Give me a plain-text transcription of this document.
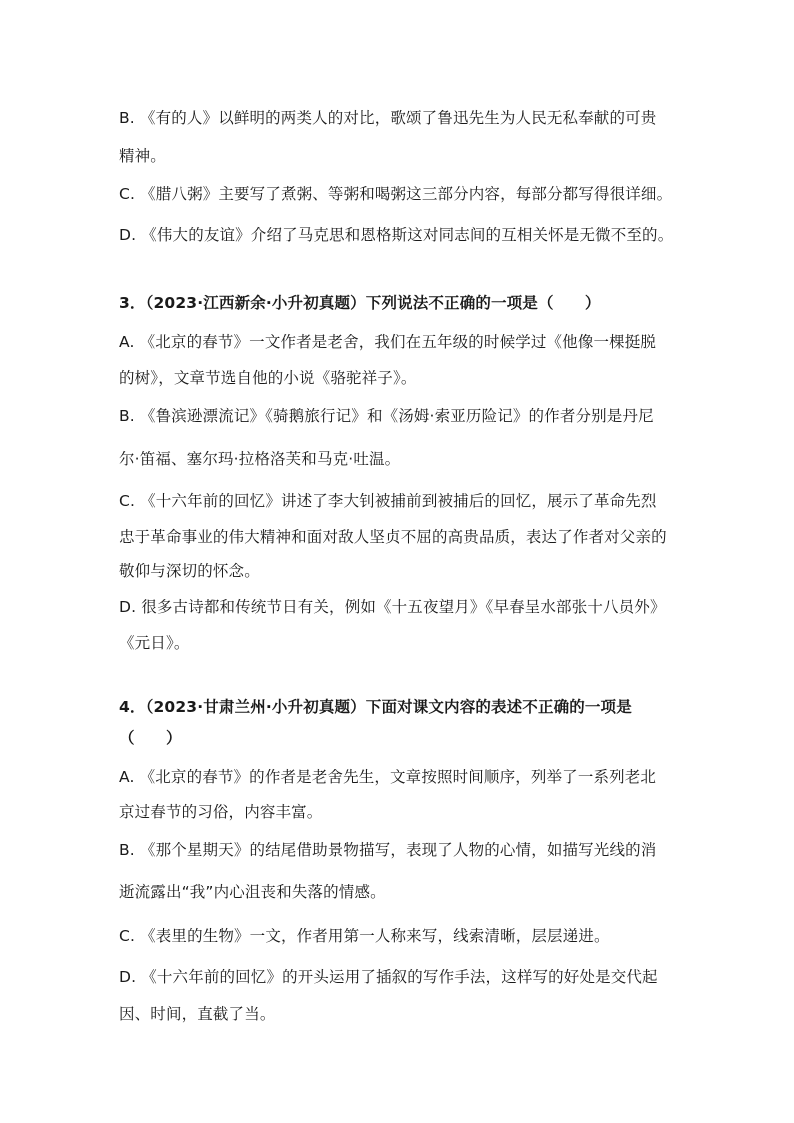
B. 《有的人》以鲜明的两类人的对比，歌颂了鲁迅先生为人民无私奉献的可贵
精神。
C. 《腊八粥》主要写了煮粥、等粥和喝粥这三部分内容，每部分都写得很详细。
D. 《伟大的友谊》介绍了马克思和恩格斯这对同志间的互相关怀是无微不至的。
3．（2023·江西新余·小升初真题）下列说法不正确的一项是（　　）
A. 《北京的春节》一文作者是老舍，我们在五年级的时候学过《他像一棵挺脱
的树》，文章节选自他的小说《骆驼祥子》。
B. 《鲁滨逊漂流记》《骑鹅旅行记》和《汤姆·索亚历险记》的作者分别是丹尼
尔·笛福、塞尔玛·拉格洛芙和马克·吐温。
C. 《十六年前的回忆》讲述了李大钊被捕前到被捕后的回忆，展示了革命先烈
忠于革命事业的伟大精神和面对敌人坚贞不屈的高贵品质，表达了作者对父亲的
敬仰与深切的怀念。
D. 很多古诗都和传统节日有关，例如《十五夜望月》《早春呈水部张十八员外》
《元日》。
4．（2023·甘肃兰州·小升初真题）下面对课文内容的表述不正确的一项是
（　　）
A. 《北京的春节》的作者是老舍先生，文章按照时间顺序，列举了一系列老北
京过春节的习俗，内容丰富。
B. 《那个星期天》的结尾借助景物描写，表现了人物的心情，如描写光线的消
逝流露出“我”内心沮丧和失落的情感。
C. 《表里的生物》一文，作者用第一人称来写，线索清晰，层层递进。
D. 《十六年前的回忆》的开头运用了插叙的写作手法，这样写的好处是交代起
因、时间，直截了当。
